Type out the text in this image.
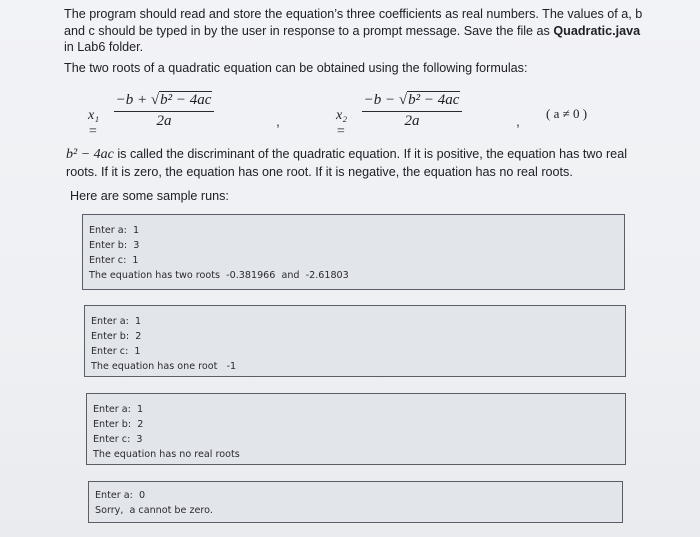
The program should read and store the equation’s three coefficients as real numbers. The values of a, b and c should be typed in by the user in response to a prompt message. Save the file as Quadratic.java in Lab6 folder.
The two roots of a quadratic equation can be obtained using the following formulas:
x₁ =
−b + √b² − 4ac
2a	,	x₂ =
−b − √b² − 4ac
2a	, ( a ≠ 0 )
b² − 4ac is called the discriminant of the quadratic equation. If it is positive, the equation has two real roots. If it is zero, the equation has one root. If it is negative, the equation has no real roots.
Here are some sample runs:
Enter a:  1
Enter b:  3
Enter c:  1
The equation has two roots  -0.381966  and  -2.61803
Enter a:  1
Enter b:  2
Enter c:  1
The equation has one root   -1
Enter a:  1
Enter b:  2
Enter c:  3
The equation has no real roots
Enter a:  0
Sorry,  a cannot be zero.
